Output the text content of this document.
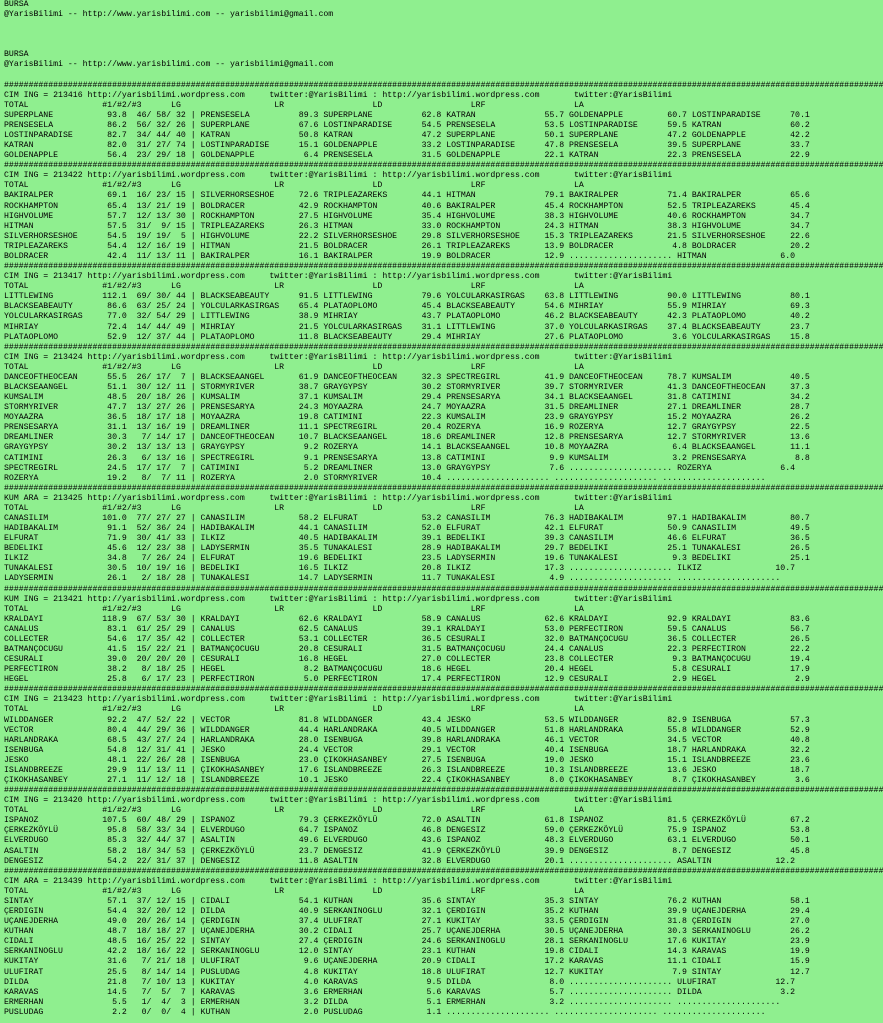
BURSA
@YarisBilimi -- http://www.yarisbilimi.com -- yarisbilimi@gmail.com
BURSA
@YarisBilimi -- http://www.yarisbilimi.com -- yarisbilimi@gmail.com
###################################################################################################################################################################################
CIM ING = 213416 http://yarisbilimi.wordpress.com     twitter:@YarisBilimi : http://yarisbilimi.wordpress.com       twitter:@YarisBilimi
TOTAL               #1/#2/#3      LG                   LR                  LD                  LRF                  LA
SUPERPLANE           93.8  46/ 58/ 32 | PRENSESELA          89.3 SUPERPLANE          62.8 KATRAN              55.7 GOLDENAPPLE         60.7 LOSTINPARADISE      70.1
PRENSESELA           86.2  56/ 32/ 26 | SUPERPLANE          67.6 LOSTINPARADISE      54.5 PRENSESELA          53.5 LOSTINPARADISE      59.5 KATRAN              60.2
LOSTINPARADISE       82.7  34/ 44/ 40 | KATRAN              50.8 KATRAN              47.2 SUPERPLANE          50.1 SUPERPLANE          47.2 GOLDENAPPLE         42.2
KATRAN               82.0  31/ 27/ 74 | LOSTINPARADISE      15.1 GOLDENAPPLE         33.2 LOSTINPARADISE      47.8 PRENSESELA          39.5 SUPERPLANE          33.7
GOLDENAPPLE          56.4  23/ 29/ 18 | GOLDENAPPLE          6.4 PRENSESELA          31.5 GOLDENAPPLE         22.1 KATRAN              22.3 PRENSESELA          22.9
###################################################################################################################################################################################
CIM ING = 213422 http://yarisbilimi.wordpress.com     twitter:@YarisBilimi : http://yarisbilimi.wordpress.com       twitter:@YarisBilimi
TOTAL               #1/#2/#3      LG                   LR                  LD                  LRF                  LA
BAKIRALPER           69.1  16/ 23/ 15 | SILVERHORSESHOE     72.6 TRIPLEAZAREKS       44.1 HITMAN              79.1 BAKIRALPER          71.4 BAKIRALPER          65.6
ROCKHAMPTON          65.4  13/ 21/ 19 | BOLDRACER           42.9 ROCKHAMPTON         40.6 BAKIRALPER          45.4 ROCKHAMPTON         52.5 TRIPLEAZAREKS       45.4
HIGHVOLUME           57.7  12/ 13/ 30 | ROCKHAMPTON         27.5 HIGHVOLUME          35.4 HIGHVOLUME          38.3 HIGHVOLUME          40.6 ROCKHAMPTON         34.7
HITMAN               57.5  31/  9/ 15 | TRIPLEAZAREKS       26.3 HITMAN              33.0 ROCKHAMPTON         24.3 HITMAN              38.3 HIGHVOLUME          34.7
SILVERHORSESHOE      54.5  19/ 19/  5 | HIGHVOLUME          22.2 SILVERHORSESHOE     29.8 SILVERHORSESHOE     15.3 TRIPLEAZAREKS       21.5 SILVERHORSESHOE     22.6
TRIPLEAZAREKS        54.4  12/ 16/ 19 | HITMAN              21.5 BOLDRACER           26.1 TRIPLEAZAREKS       13.9 BOLDRACER            4.8 BOLDRACER           20.2
BOLDRACER            42.4  11/ 13/ 11 | BAKIRALPER          16.1 BAKIRALPER          19.9 BOLDRACER           12.9 ..................... HITMAN               6.0
###################################################################################################################################################################################
CIM ING = 213417 http://yarisbilimi.wordpress.com     twitter:@YarisBilimi : http://yarisbilimi.wordpress.com       twitter:@YarisBilimi
TOTAL               #1/#2/#3      LG                   LR                  LD                  LRF                  LA
LITTLEWING          112.1  69/ 30/ 44 | BLACKSEABEAUTY      91.5 LITTLEWING          79.6 YOLCULARKASIRGAS    63.8 LITTLEWING          90.0 LITTLEWING          80.1
BLACKSEABEAUTY       86.6  63/ 25/ 24 | YOLCULARKASIRGAS    65.4 PLATAOPLOMO         45.4 BLACKSEABEAUTY      54.6 MIHRIAY             55.9 MIHRIAY             69.3
YOLCULARKASIRGAS     77.0  32/ 54/ 29 | LITTLEWING          38.9 MIHRIAY             43.7 PLATAOPLOMO         46.2 BLACKSEABEAUTY      42.3 PLATAOPLOMO         40.2
MIHRIAY              72.4  14/ 44/ 49 | MIHRIAY             21.5 YOLCULARKASIRGAS    31.1 LITTLEWING          37.0 YOLCULARKASIRGAS    37.4 BLACKSEABEAUTY      23.7
PLATAOPLOMO          52.9  12/ 37/ 44 | PLATAOPLOMO         11.8 BLACKSEABEAUTY      29.4 MIHRIAY             27.6 PLATAOPLOMO          3.6 YOLCULARKASIRGAS    15.8
###################################################################################################################################################################################
CIM ING = 213424 http://yarisbilimi.wordpress.com     twitter:@YarisBilimi : http://yarisbilimi.wordpress.com       twitter:@YarisBilimi
TOTAL               #1/#2/#3      LG                   LR                  LD                  LRF                  LA
DANCEOFTHEOCEAN      55.5  26/ 17/  7 | BLACKSEAANGEL       61.9 DANCEOFTHEOCEAN     32.3 SPECTREGIRL         41.9 DANCEOFTHEOCEAN     78.7 KUMSALIM            40.5
BLACKSEAANGEL        51.1  30/ 12/ 11 | STORMYRIVER         38.7 GRAYGYPSY           30.2 STORMYRIVER         39.7 STORMYRIVER         41.3 DANCEOFTHEOCEAN     37.3
KUMSALIM             48.5  20/ 18/ 26 | KUMSALIM            37.1 KUMSALIM            29.4 PRENSESARYA         34.1 BLACKSEAANGEL       31.8 CATIMINI            34.2
STORMYRIVER          47.7  13/ 27/ 26 | PRENSESARYA         24.3 MOYAAZRA            24.7 MOYAAZRA            31.5 DREAMLINER          27.1 DREAMLINER          28.7
MOYAAZRA             36.5  18/ 17/ 18 | MOYAAZRA            19.8 CATIMINI            22.3 KUMSALIM            23.9 GRAYGYPSY           15.2 MOYAAZRA            26.2
PRENSESARYA          31.1  13/ 16/ 19 | DREAMLINER          11.1 SPECTREGIRL         20.4 ROZERYA             16.9 ROZERYA             12.7 GRAYGYPSY           22.5
DREAMLINER           30.3   7/ 14/ 17 | DANCEOFTHEOCEAN     10.7 BLACKSEAANGEL       18.6 DREAMLINER          12.8 PRENSESARYA         12.7 STORMYRIVER         13.6
GRAYGYPSY            30.2  13/ 13/ 13 | GRAYGYPSY            9.2 ROZERYA             14.1 BLACKSEAANGEL       10.8 MOYAAZRA             6.4 BLACKSEAANGEL       11.1
CATIMINI             26.3   6/ 13/ 16 | SPECTREGIRL          9.1 PRENSESARYA         13.8 CATIMINI             9.9 KUMSALIM             3.2 PRENSESARYA          8.8
SPECTREGIRL          24.5  17/ 17/  7 | CATIMINI             5.2 DREAMLINER          13.0 GRAYGYPSY            7.6 ..................... ROZERYA              6.4
ROZERYA              19.2   8/  7/ 11 | ROZERYA              2.0 STORMYRIVER         10.4 ..................... ..................... .....................
###################################################################################################################################################################################
KUM ARA = 213425 http://yarisbilimi.wordpress.com     twitter:@YarisBilimi : http://yarisbilimi.wordpress.com       twitter:@YarisBilimi
TOTAL               #1/#2/#3      LG                   LR                  LD                  LRF                  LA
CANASILIM           101.0  77/ 27/ 27 | CANASILIM           58.2 ELFURAT             53.2 CANASILIM           76.3 HADIBAKALIM         97.1 HADIBAKALIM         80.7
HADIBAKALIM          91.1  52/ 36/ 24 | HADIBAKALIM         44.1 CANASILIM           52.0 ELFURAT             42.1 ELFURAT             50.9 CANASILIM           49.5
ELFURAT              71.9  30/ 41/ 33 | ILKIZ               40.5 HADIBAKALIM         39.1 BEDELIKI            39.3 CANASILIM           46.6 ELFURAT             36.5
BEDELIKI             45.6  12/ 23/ 38 | LADYSERMIN          35.5 TUNAKALESI          28.9 HADIBAKALIM         29.7 BEDELIKI            25.1 TUNAKALESI          26.5
ILKIZ                34.8   7/ 26/ 24 | ELFURAT             19.6 BEDELIKI            23.5 LADYSERMIN          19.6 TUNAKALESI           9.3 BEDELIKI            25.1
TUNAKALESI           30.5  10/ 19/ 16 | BEDELIKI            16.5 ILKIZ               20.8 ILKIZ               17.3 ..................... ILKIZ               10.7
LADYSERMIN           26.1   2/ 18/ 28 | TUNAKALESI          14.7 LADYSERMIN          11.7 TUNAKALESI           4.9 ..................... .....................
###################################################################################################################################################################################
KUM ING = 213421 http://yarisbilimi.wordpress.com     twitter:@YarisBilimi : http://yarisbilimi.wordpress.com       twitter:@YarisBilimi
TOTAL               #1/#2/#3      LG                   LR                  LD                  LRF                  LA
KRALDAYI            118.9  67/ 53/ 30 | KRALDAYI            62.6 KRALDAYI            58.9 CANALUS             62.6 KRALDAYI            92.9 KRALDAYI            83.6
CANALUS              83.1  61/ 25/ 29 | CANALUS             62.5 CANALUS             39.1 KRALDAYI            53.0 PERFECTIRON         59.5 CANALUS             56.7
COLLECTER            54.6  17/ 35/ 42 | COLLECTER           53.1 COLLECTER           36.5 CESURALI            32.0 BATMANÇOCUGU        36.5 COLLECTER           26.5
BATMANÇOCUGU         41.5  15/ 22/ 21 | BATMANÇOCUGU        20.8 CESURALI            31.5 BATMANÇOCUGU        24.4 CANALUS             22.3 PERFECTIRON         22.2
CESURALI             39.0  20/ 20/ 20 | CESURALI            16.8 HEGEL               27.0 COLLECTER           23.8 COLLECTER            9.3 BATMANÇOCUGU        19.4
PERFECTIRON          38.2   8/ 18/ 25 | HEGEL                8.2 BATMANÇOCUGU        18.6 HEGEL               20.4 HEGEL                5.8 CESURALI            17.9
HEGEL                25.8   6/ 17/ 23 | PERFECTIRON          5.0 PERFECTIRON         17.4 PERFECTIRON         12.9 CESURALI             2.9 HEGEL                2.9
###################################################################################################################################################################################
CIM ING = 213423 http://yarisbilimi.wordpress.com     twitter:@YarisBilimi : http://yarisbilimi.wordpress.com       twitter:@YarisBilimi
TOTAL               #1/#2/#3      LG                   LR                  LD                  LRF                  LA
WILDDANGER           92.2  47/ 52/ 22 | VECTOR              81.8 WILDDANGER          43.4 JESKO               53.5 WILDDANGER          82.9 ISENBUGA            57.3
VECTOR               80.4  44/ 29/ 36 | WILDDANGER          44.4 HARLANDRAKA         40.5 WILDDANGER          51.8 HARLANDRAKA         55.8 WILDDANGER          52.9
HARLANDRAKA          68.5  43/ 27/ 24 | HARLANDRAKA         28.0 ISENBUGA            39.8 HARLANDRAKA         46.1 VECTOR              34.5 VECTOR              40.8
ISENBUGA             54.8  12/ 31/ 41 | JESKO               24.4 VECTOR              29.1 VECTOR              40.4 ISENBUGA            18.7 HARLANDRAKA         32.2
JESKO                48.1  22/ 26/ 28 | ISENBUGA            23.0 ÇIKOKHASANBEY       27.5 ISENBUGA            19.0 JESKO               15.1 ISLANDBREEZE        23.6
ISLANDBREEZE         29.9  11/ 13/ 11 | ÇIKOKHASANBEY       17.6 ISLANDBREEZE        26.3 ISLANDBREEZE        10.3 ISLANDBREEZE        13.6 JESKO               18.7
ÇIKOKHASANBEY        27.1  11/ 12/ 18 | ISLANDBREEZE        10.1 JESKO               22.4 ÇIKOKHASANBEY        8.0 ÇIKOKHASANBEY        8.7 ÇIKOKHASANBEY        3.6
###################################################################################################################################################################################
CIM ING = 213420 http://yarisbilimi.wordpress.com     twitter:@YarisBilimi : http://yarisbilimi.wordpress.com       twitter:@YarisBilimi
TOTAL               #1/#2/#3      LG                   LR                  LD                  LRF                  LA
ISPANOZ             107.5  60/ 48/ 29 | ISPANOZ             79.3 ÇERKEZKÖYLÜ         72.0 ASALTIN             61.8 ISPANOZ             81.5 ÇERKEZKÖYLÜ         67.2
ÇERKEZKÖYLÜ          95.8  58/ 33/ 34 | ELVERDUGO           64.7 ISPANOZ             46.8 DENGESIZ            59.0 ÇERKEZKÖYLÜ         75.9 ISPANOZ             53.8
ELVERDUGO            85.3  32/ 44/ 37 | ASALTIN             49.6 ELVERDUGO           43.6 ISPANOZ             48.3 ELVERDUGO           63.1 ELVERDUGO           50.1
ASALTIN              58.2  18/ 34/ 53 | ÇERKEZKÖYLÜ         23.7 DENGESIZ            41.9 ÇERKEZKÖYLÜ         39.9 DENGESIZ             8.7 DENGESIZ            45.8
DENGESIZ             54.2  22/ 31/ 37 | DENGESIZ            11.8 ASALTIN             32.8 ELVERDUGO           20.1 ..................... ASALTIN             12.2
###################################################################################################################################################################################
CIM ARA = 213439 http://yarisbilimi.wordpress.com     twitter:@YarisBilimi : http://yarisbilimi.wordpress.com       twitter:@YarisBilimi
TOTAL               #1/#2/#3      LG                   LR                  LD                  LRF                  LA
SINTAY               57.1  37/ 12/ 15 | CIDALI              54.1 KUTHAN              35.6 SINTAY              35.3 SINTAY              76.2 KUTHAN              58.1
ÇERDIGIN             54.4  32/ 20/ 12 | DILDA               40.9 SERKANINOGLU        32.1 ÇERDIGIN            35.2 KUTHAN              39.9 UÇANEJDERHA         29.4
UÇANEJDERHA          49.0  20/ 26/ 14 | ÇERDIGIN            37.4 ULUFIRAT            27.1 KUKITAY             33.5 ÇERDIGIN            31.8 ÇERDIGIN            27.0
KUTHAN               48.7  18/ 18/ 27 | UÇANEJDERHA         30.2 CIDALI              25.7 UÇANEJDERHA         30.5 UÇANEJDERHA         30.3 SERKANINOGLU        26.2
CIDALI               48.5  16/ 25/ 22 | SINTAY              27.4 ÇERDIGIN            24.6 SERKANINOGLU        28.1 SERKANINOGLU        17.6 KUKITAY             23.9
SERKANINOGLU         42.2  18/ 16/ 22 | SERKANINOGLU        12.0 SINTAY              23.1 KUTHAN              19.8 CIDALI              14.3 KARAVAS             19.9
KUKITAY              31.6   7/ 21/ 18 | ULUFIRAT             9.6 UÇANEJDERHA         20.9 CIDALI              17.2 KARAVAS             11.1 CIDALI              15.9
ULUFIRAT             25.5   8/ 14/ 14 | PUSLUDAG             4.8 KUKITAY             18.8 ULUFIRAT            12.7 KUKITAY              7.9 SINTAY              12.7
DILDA                21.8   7/ 10/ 13 | KUKITAY              4.0 KARAVAS              9.5 DILDA                8.0 ..................... ULUFIRAT            12.7
KARAVAS              14.5   7/  5/  7 | KARAVAS              3.6 ERMERHAN             5.6 KARAVAS              5.7 ..................... DILDA                3.2
ERMERHAN              5.5   1/  4/  3 | ERMERHAN             3.2 DILDA                5.1 ERMERHAN             3.2 ..................... .....................
PUSLUDAG              2.2   0/  0/  4 | KUTHAN               2.0 PUSLUDAG             1.1 ..................... ..................... .....................
